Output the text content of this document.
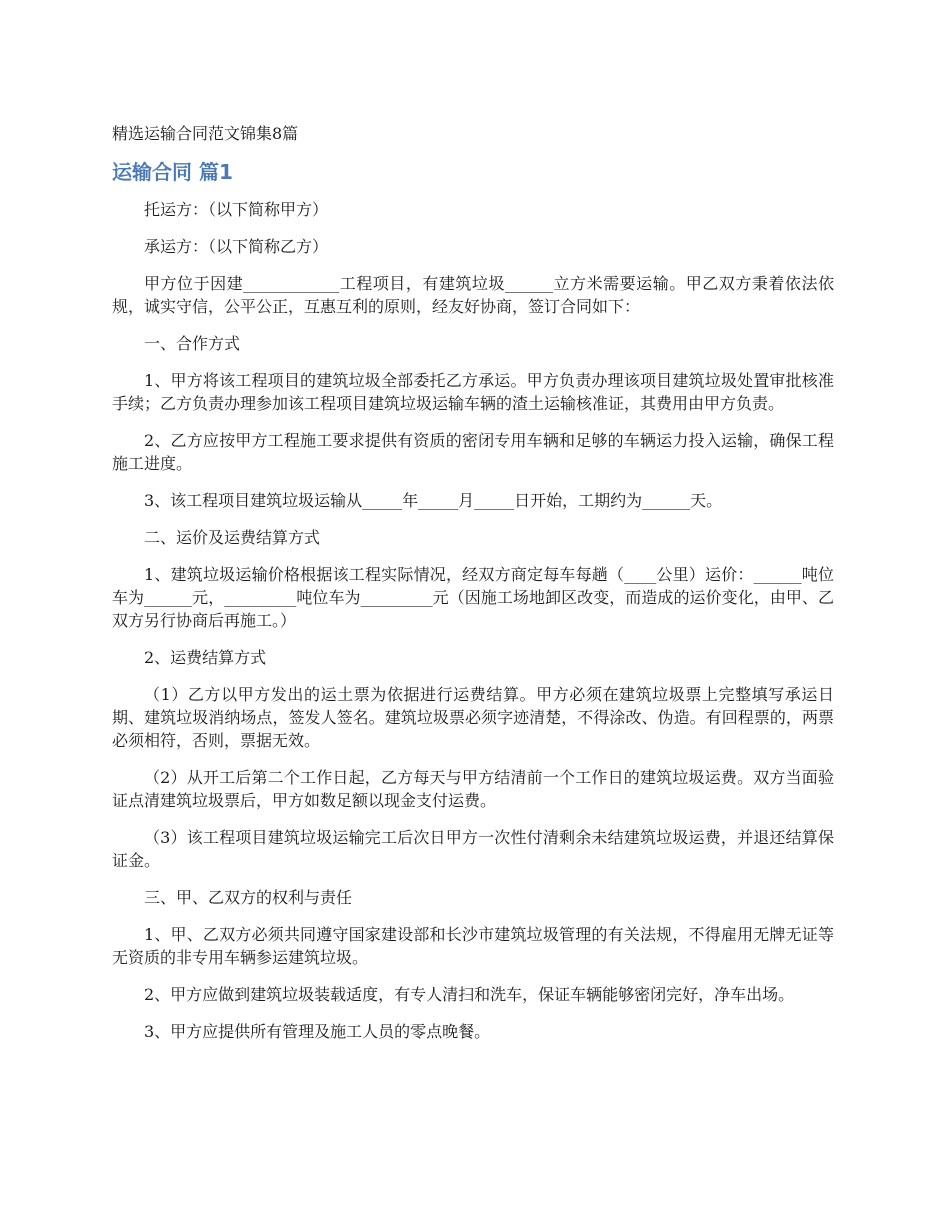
精选运输合同范文锦集8篇
运输合同 篇1

托运方：（以下简称甲方）

承运方：（以下简称乙方）

甲方位于因建____________工程项目，有建筑垃圾______立方米需要运输。甲乙双方秉着依法依规，诚实守信，公平公正，互惠互利的原则，经友好协商，签订合同如下：

一、合作方式

1、甲方将该工程项目的建筑垃圾全部委托乙方承运。甲方负责办理该项目建筑垃圾处置审批核准手续；乙方负责办理参加该工程项目建筑垃圾运输车辆的渣土运输核准证，其费用由甲方负责。

2、乙方应按甲方工程施工要求提供有资质的密闭专用车辆和足够的车辆运力投入运输，确保工程施工进度。

3、该工程项目建筑垃圾运输从_____年_____月_____日开始，工期约为______天。

二、运价及运费结算方式

1、建筑垃圾运输价格根据该工程实际情况，经双方商定每车每趟（____公里）运价：______吨位车为______元，_________吨位车为_________元（因施工场地卸区改变，而造成的运价变化，由甲、乙双方另行协商后再施工。）

2、运费结算方式

（1）乙方以甲方发出的运土票为依据进行运费结算。甲方必须在建筑垃圾票上完整填写承运日期、建筑垃圾消纳场点，签发人签名。建筑垃圾票必须字迹清楚，不得涂改、伪造。有回程票的，两票必须相符，否则，票据无效。

（2）从开工后第二个工作日起，乙方每天与甲方结清前一个工作日的建筑垃圾运费。双方当面验证点清建筑垃圾票后，甲方如数足额以现金支付运费。

（3）该工程项目建筑垃圾运输完工后次日甲方一次性付清剩余未结建筑垃圾运费，并退还结算保证金。

三、甲、乙双方的权利与责任

1、甲、乙双方必须共同遵守国家建设部和长沙市建筑垃圾管理的有关法规，不得雇用无牌无证等无资质的非专用车辆参运建筑垃圾。

2、甲方应做到建筑垃圾装载适度，有专人清扫和洗车，保证车辆能够密闭完好，净车出场。

3、甲方应提供所有管理及施工人员的零点晚餐。
